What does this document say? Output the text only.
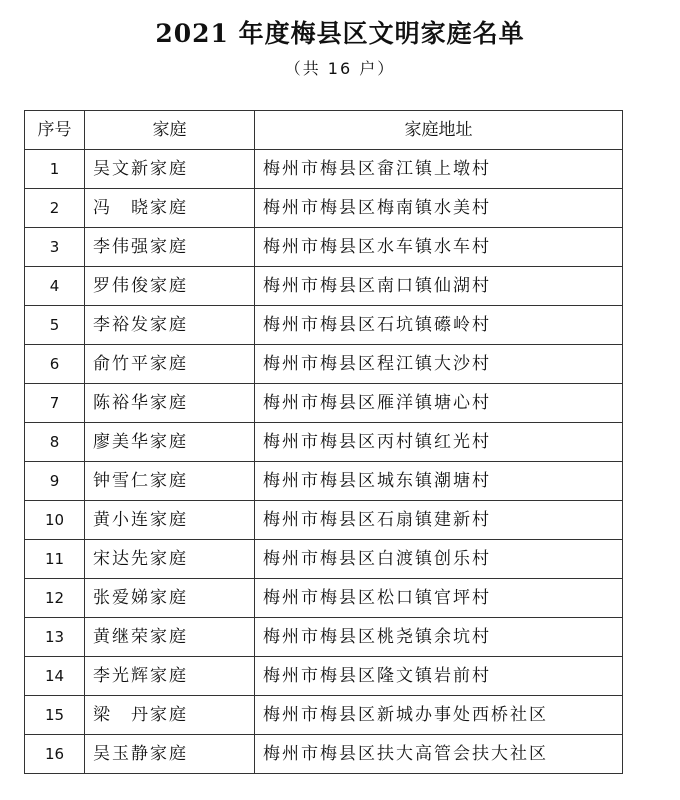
2021 年度梅县区文明家庭名单

（共 16 户）

序号	家庭	家庭地址
1	吴文新家庭	梅州市梅县区畲江镇上墩村
2	冯　晓家庭	梅州市梅县区梅南镇水美村
3	李伟强家庭	梅州市梅县区水车镇水车村
4	罗伟俊家庭	梅州市梅县区南口镇仙湖村
5	李裕发家庭	梅州市梅县区石坑镇礤岭村
6	俞竹平家庭	梅州市梅县区程江镇大沙村
7	陈裕华家庭	梅州市梅县区雁洋镇塘心村
8	廖美华家庭	梅州市梅县区丙村镇红光村
9	钟雪仁家庭	梅州市梅县区城东镇潮塘村
10	黄小连家庭	梅州市梅县区石扇镇建新村
11	宋达先家庭	梅州市梅县区白渡镇创乐村
12	张爱娣家庭	梅州市梅县区松口镇官坪村
13	黄继荣家庭	梅州市梅县区桃尧镇余坑村
14	李光辉家庭	梅州市梅县区隆文镇岩前村
15	梁　丹家庭	梅州市梅县区新城办事处西桥社区
16	吴玉静家庭	梅州市梅县区扶大高管会扶大社区
